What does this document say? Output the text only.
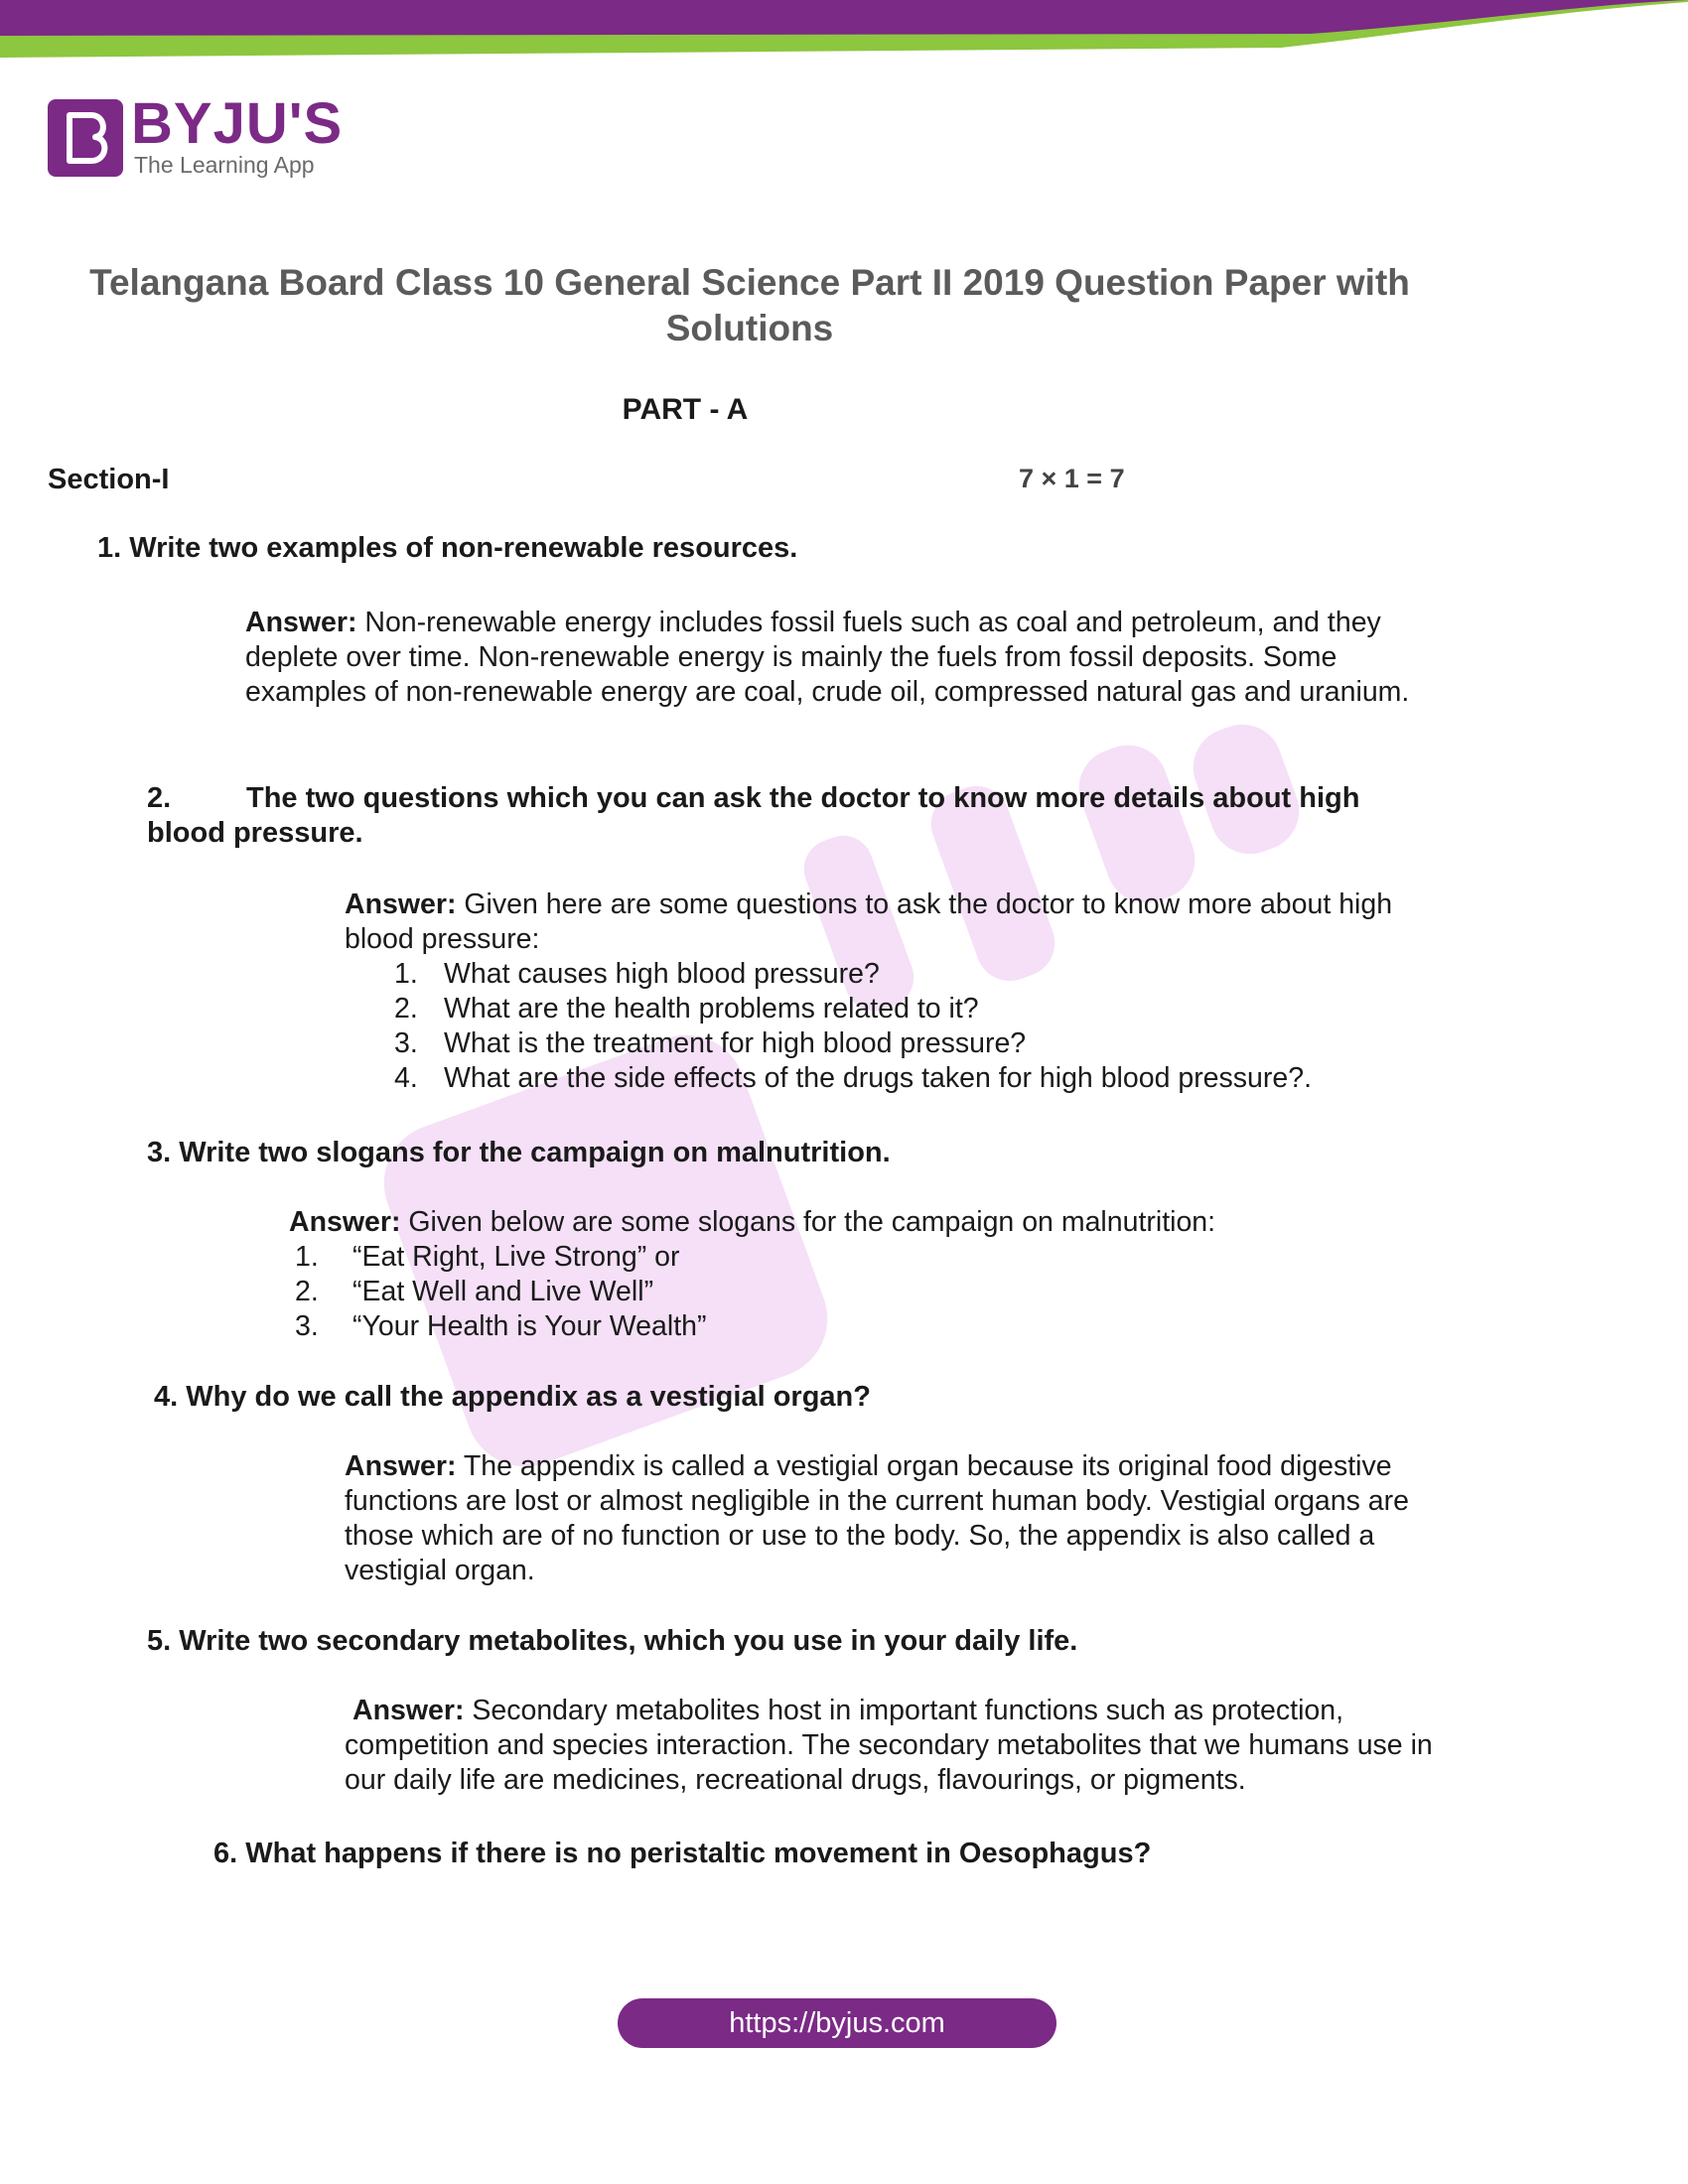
BYJU'S
The Learning App
Telangana Board Class 10 General Science Part II 2019 Question Paper with Solutions
PART - A
Section-I	7 × 1 = 7
1. Write two examples of non-renewable resources.
Answer: Non-renewable energy includes fossil fuels such as coal and petroleum, and they deplete over time. Non-renewable energy is mainly the fuels from fossil deposits. Some examples of non-renewable energy are coal, crude oil, compressed natural gas and uranium.
2.	The two questions which you can ask the doctor to know more details about high blood pressure.
Answer: Given here are some questions to ask the doctor to know more about high blood pressure:
1. What causes high blood pressure?
2. What are the health problems related to it?
3. What is the treatment for high blood pressure?
4. What are the side effects of the drugs taken for high blood pressure?.
3. Write two slogans for the campaign on malnutrition.
Answer: Given below are some slogans for the campaign on malnutrition:
1. “Eat Right, Live Strong” or
2. “Eat Well and Live Well”
3. “Your Health is Your Wealth”
4. Why do we call the appendix as a vestigial organ?
Answer: The appendix is called a vestigial organ because its original food digestive functions are lost or almost negligible in the current human body. Vestigial organs are those which are of no function or use to the body. So, the appendix is also called a vestigial organ.
5. Write two secondary metabolites, which you use in your daily life.
Answer: Secondary metabolites host in important functions such as protection, competition and species interaction. The secondary metabolites that we humans use in our daily life are medicines, recreational drugs, flavourings, or pigments.
6. What happens if there is no peristaltic movement in Oesophagus?
https://byjus.com
